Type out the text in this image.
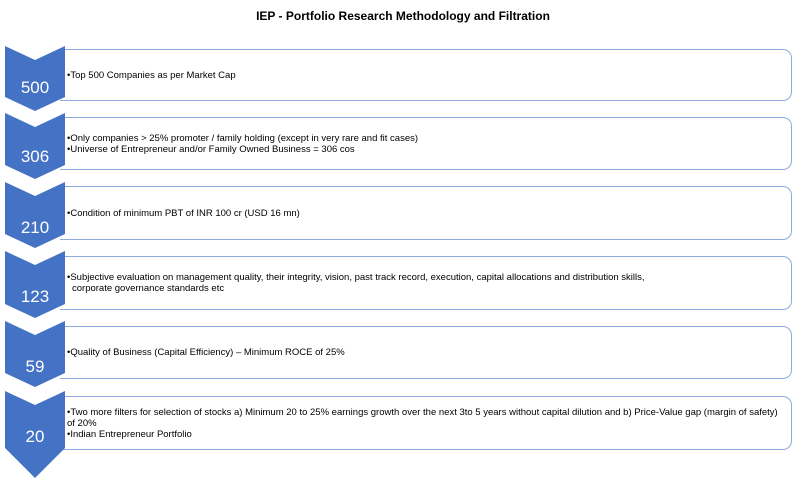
IEP - Portfolio Research Methodology and Filtration
•Top 500 Companies as per Market Cap
500
•Only companies > 25% promoter / family holding (except in very rare and fit cases)
•Universe of Entrepreneur and/or Family Owned Business = 306 cos
306
•Condition of minimum PBT of INR 100 cr (USD 16 mn)
210
•Subjective evaluation on management quality, their integrity, vision, past track record, execution, capital allocations and distribution skills,
corporate governance standards etc
123
•Quality of Business (Capital Efficiency) – Minimum ROCE of 25%
59
•Two more filters for selection of stocks a) Minimum 20 to 25% earnings growth over the next 3to 5 years without capital dilution and b) Price-Value gap (margin of safety) of 20%
•Indian Entrepreneur Portfolio
20
